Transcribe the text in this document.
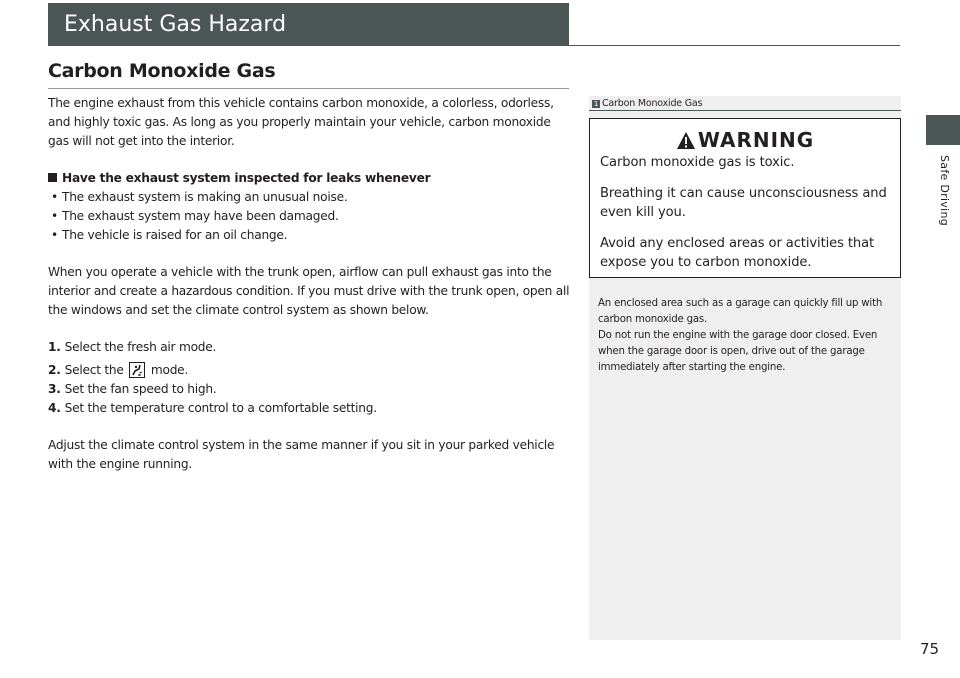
Exhaust Gas Hazard
Carbon Monoxide Gas

The engine exhaust from this vehicle contains carbon monoxide, a colorless, odorless, and highly toxic gas. As long as you properly maintain your vehicle, carbon monoxide gas will not get into the interior.

Have the exhaust system inspected for leaks whenever

• The exhaust system is making an unusual noise.
• The exhaust system may have been damaged.
• The vehicle is raised for an oil change.

When you operate a vehicle with the trunk open, airflow can pull exhaust gas into the interior and create a hazardous condition. If you must drive with the trunk open, open all the windows and set the climate control system as shown below.

1. Select the fresh air mode.
2. Select the mode.
3. Set the fan speed to high.
4. Set the temperature control to a comfortable setting.

Adjust the climate control system in the same manner if you sit in your parked vehicle with the engine running.

1 Carbon Monoxide Gas
WARNING

Carbon monoxide gas is toxic.

Breathing it can cause unconsciousness and even kill you.

Avoid any enclosed areas or activities that expose you to carbon monoxide.

An enclosed area such as a garage can quickly fill up with carbon monoxide gas.

Do not run the engine with the garage door closed. Even when the garage door is open, drive out of the garage immediately after starting the engine.

Safe Driving
75
